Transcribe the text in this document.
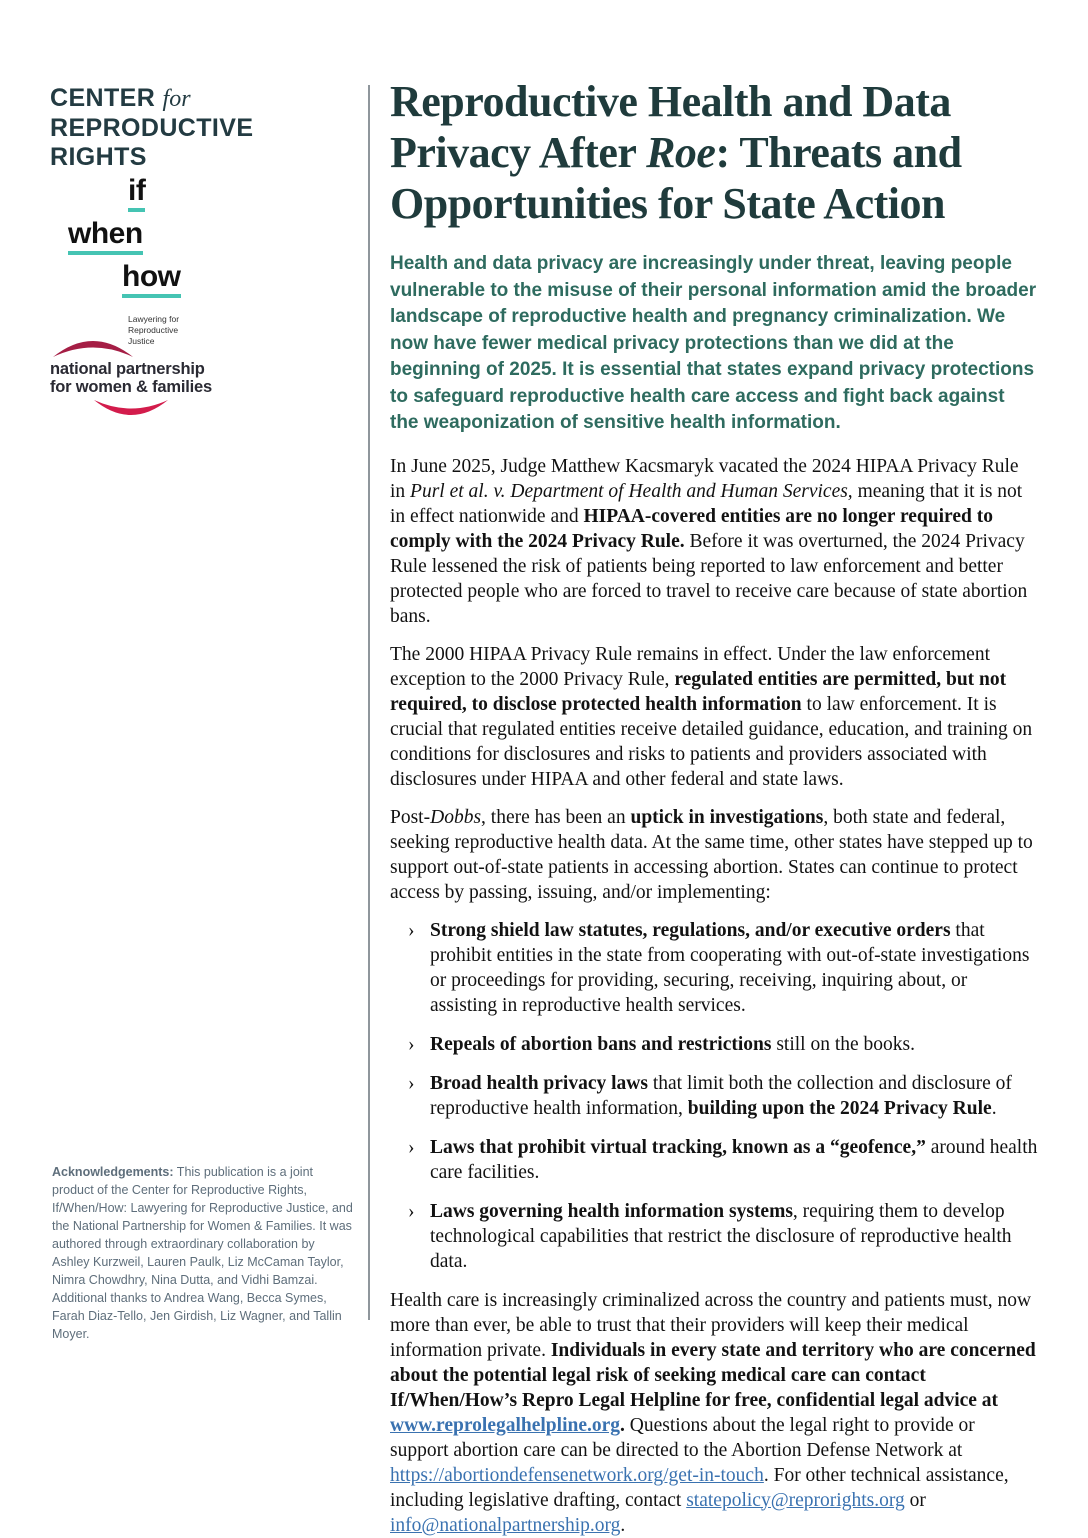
CENTER for
REPRODUCTIVE
RIGHTS
if
when
how
Lawyering for
Reproductive
Justice
national partnership
for women & families
Acknowledgements: This publication is a joint product of the Center for Reproductive Rights, If/When/How: Lawyering for Reproductive Justice, and the National Partnership for Women & Families. It was authored through extraordinary collaboration by Ashley Kurzweil, Lauren Paulk, Liz McCaman Taylor, Nimra Chowdhry, Nina Dutta, and Vidhi Bamzai. Additional thanks to Andrea Wang, Becca Symes, Farah Diaz-Tello, Jen Girdish, Liz Wagner, and Tallin Moyer.
Reproductive Health and Data
Privacy After Roe: Threats and
Opportunities for State Action

Health and data privacy are increasingly under threat, leaving people vulnerable to the misuse of their personal information amid the broader landscape of reproductive health and pregnancy criminalization. We now have fewer medical privacy protections than we did at the beginning of 2025. It is essential that states expand privacy protections to safeguard reproductive health care access and fight back against the weaponization of sensitive health information.

In June 2025, Judge Matthew Kacsmaryk vacated the 2024 HIPAA Privacy Rule in Purl et al. v. Department of Health and Human Services, meaning that it is not in effect nationwide and HIPAA-covered entities are no longer required to comply with the 2024 Privacy Rule. Before it was overturned, the 2024 Privacy Rule lessened the risk of patients being reported to law enforcement and better protected people who are forced to travel to receive care because of state abortion bans.

The 2000 HIPAA Privacy Rule remains in effect. Under the law enforcement exception to the 2000 Privacy Rule, regulated entities are permitted, but not required, to disclose protected health information to law enforcement. It is crucial that regulated entities receive detailed guidance, education, and training on conditions for disclosures and risks to patients and providers associated with disclosures under HIPAA and other federal and state laws.

Post-Dobbs, there has been an uptick in investigations, both state and federal, seeking reproductive health data. At the same time, other states have stepped up to support out-of-state patients in accessing abortion. States can continue to protect access by passing, issuing, and/or implementing:

› Strong shield law statutes, regulations, and/or executive orders that prohibit entities in the state from cooperating with out-of-state investigations or proceedings for providing, securing, receiving, inquiring about, or assisting in reproductive health services.
› Repeals of abortion bans and restrictions still on the books.
› Broad health privacy laws that limit both the collection and disclosure of reproductive health information, building upon the 2024 Privacy Rule.
› Laws that prohibit virtual tracking, known as a “geofence,” around health care facilities.
› Laws governing health information systems, requiring them to develop technological capabilities that restrict the disclosure of reproductive health data.

Health care is increasingly criminalized across the country and patients must, now more than ever, be able to trust that their providers will keep their medical information private. Individuals in every state and territory who are concerned about the potential legal risk of seeking medical care can contact If/When/How’s Repro Legal Helpline for free, confidential legal advice at www.reprolegalhelpline.org. Questions about the legal right to provide or support abortion care can be directed to the Abortion Defense Network at https://abortiondefensenetwork.org/get-in-touch. For other technical assistance, including legislative drafting, contact statepolicy@reprorights.org or info@nationalpartnership.org.
